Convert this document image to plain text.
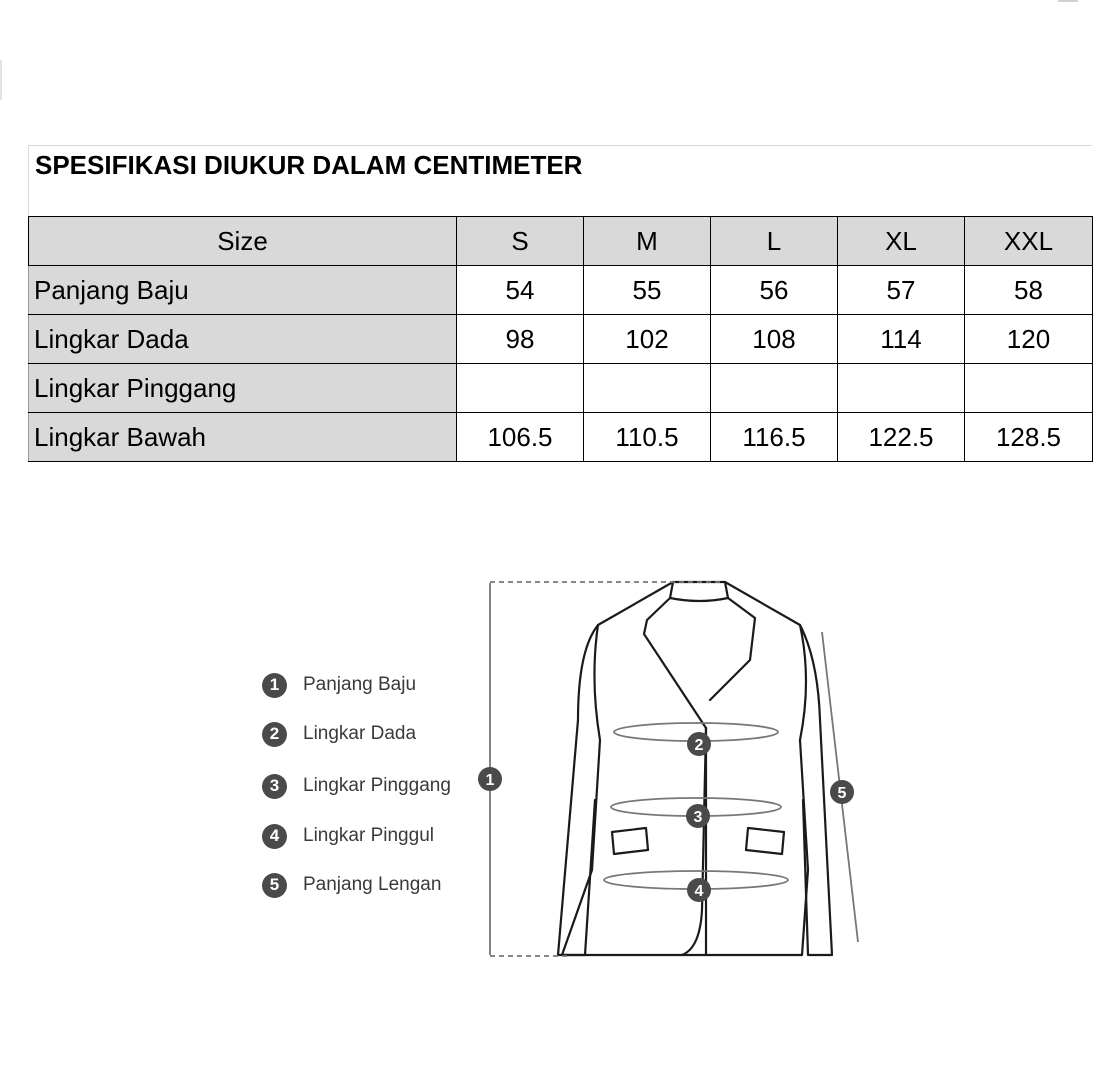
SPESIFIKASI DIUKUR DALAM CENTIMETER
Size	S	M	L	XL	XXL
Panjang Baju	54	55	56	57	58
Lingkar Dada	98	102	108	114	120
Lingkar Pinggang					
Lingkar Bawah	106.5	110.5	116.5	122.5	128.5
1	Panjang Baju
2	Lingkar Dada
3	Lingkar Pinggang
4	Lingkar Pinggul
5	Panjang Lengan
1
2
3
4
5
